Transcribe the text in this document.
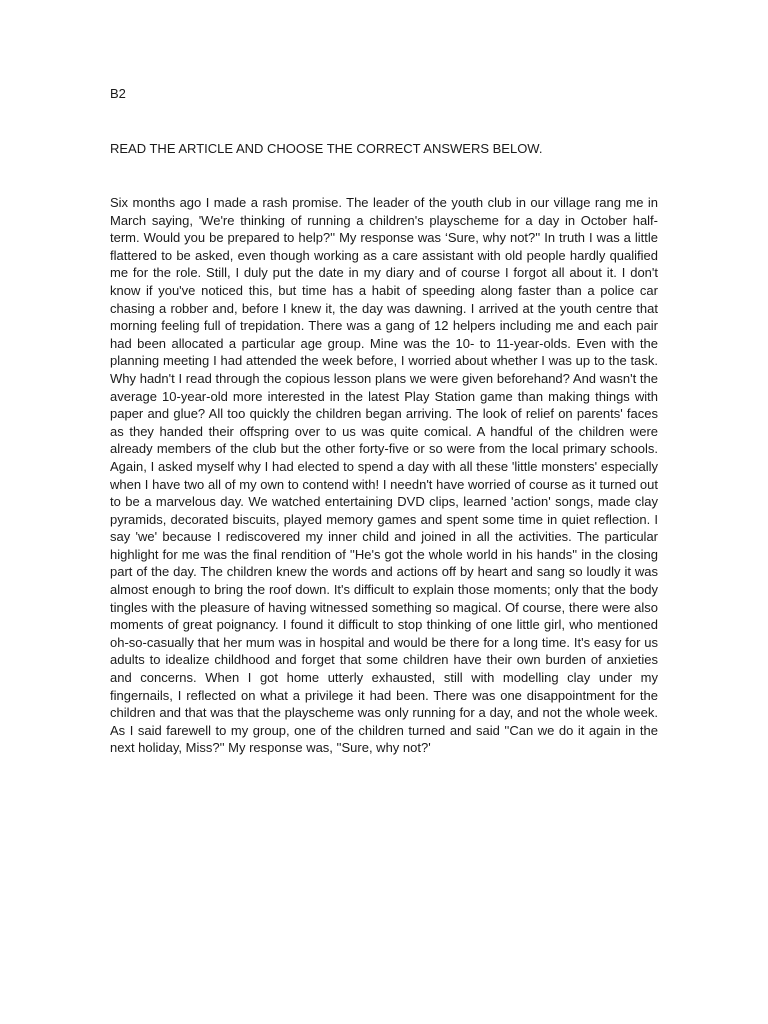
B2

READ THE ARTICLE AND CHOOSE THE CORRECT ANSWERS BELOW.

Six months ago I made a rash promise. The leader of the youth club in our village rang me in March saying, 'We're thinking of running a children's playscheme for a day in October half-term. Would you be prepared to help?'' My response was ‘Sure, why not?'' In truth I was a little flattered to be asked, even though working as a care assistant with old people hardly qualified me for the role. Still, I duly put the date in my diary and of course I forgot all about it. I don't know if you've noticed this, but time has a habit of speeding along faster than a police car chasing a robber and, before I knew it, the day was dawning. I arrived at the youth centre that morning feeling full of trepidation. There was a gang of 12 helpers including me and each pair had been allocated a particular age group. Mine was the 10- to 11-year-olds. Even with the planning meeting I had attended the week before, I worried about whether I was up to the task. Why hadn't I read through the copious lesson plans we were given beforehand? And wasn't the average 10-year-old more interested in the latest Play Station game than making things with paper and glue? All too quickly the children began arriving. The look of relief on parents' faces as they handed their offspring over to us was quite comical. A handful of the children were already members of the club but the other forty-five or so were from the local primary schools. Again, I asked myself why I had elected to spend a day with all these 'little monsters' especially when I have two all of my own to contend with! I needn't have worried of course as it turned out to be a marvelous day. We watched entertaining DVD clips, learned 'action' songs, made clay pyramids, decorated biscuits, played memory games and spent some time in quiet reflection. I say 'we' because I rediscovered my inner child and joined in all the activities. The particular highlight for me was the final rendition of ''He's got the whole world in his hands'' in the closing part of the day. The children knew the words and actions off by heart and sang so loudly it was almost enough to bring the roof down. It's difficult to explain those moments; only that the body tingles with the pleasure of having witnessed something so magical. Of course, there were also moments of great poignancy. I found it difficult to stop thinking of one little girl, who mentioned oh-so-casually that her mum was in hospital and would be there for a long time. It's easy for us adults to idealize childhood and forget that some children have their own burden of anxieties and concerns. When I got home utterly exhausted, still with modelling clay under my fingernails, I reflected on what a privilege it had been. There was one disappointment for the children and that was that the playscheme was only running for a day, and not the whole week. As I said farewell to my group, one of the children turned and said ''Can we do it again in the next holiday, Miss?'' My response was, ''Sure, why not?'
